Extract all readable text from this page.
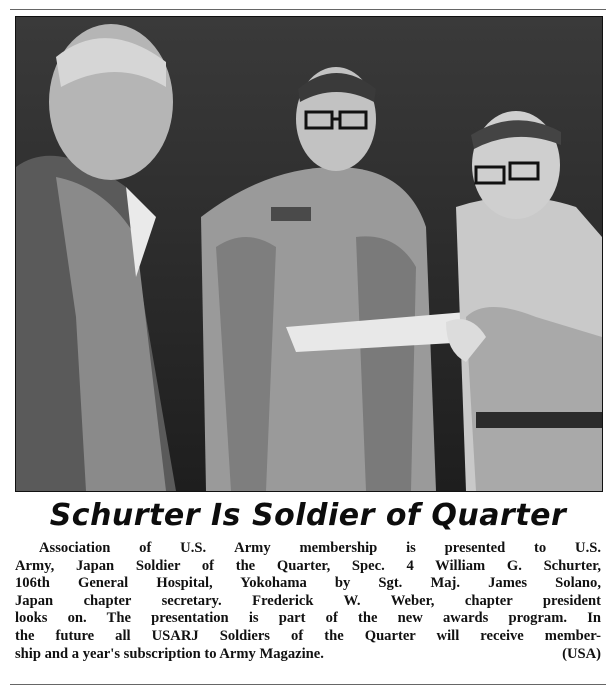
Schurter Is Soldier of Quarter
Association of U.S. Army membership is presented to U.S.
Army, Japan Soldier of the Quarter, Spec. 4 William G. Schurter,
106th General Hospital, Yokohama by Sgt. Maj. James Solano,
Japan chapter secretary. Frederick W. Weber, chapter president
looks on. The presentation is part of the new awards program. In
the future all USARJ Soldiers of the Quarter will receive member-
ship and a year's subscription to Army Magazine.	(USA)
